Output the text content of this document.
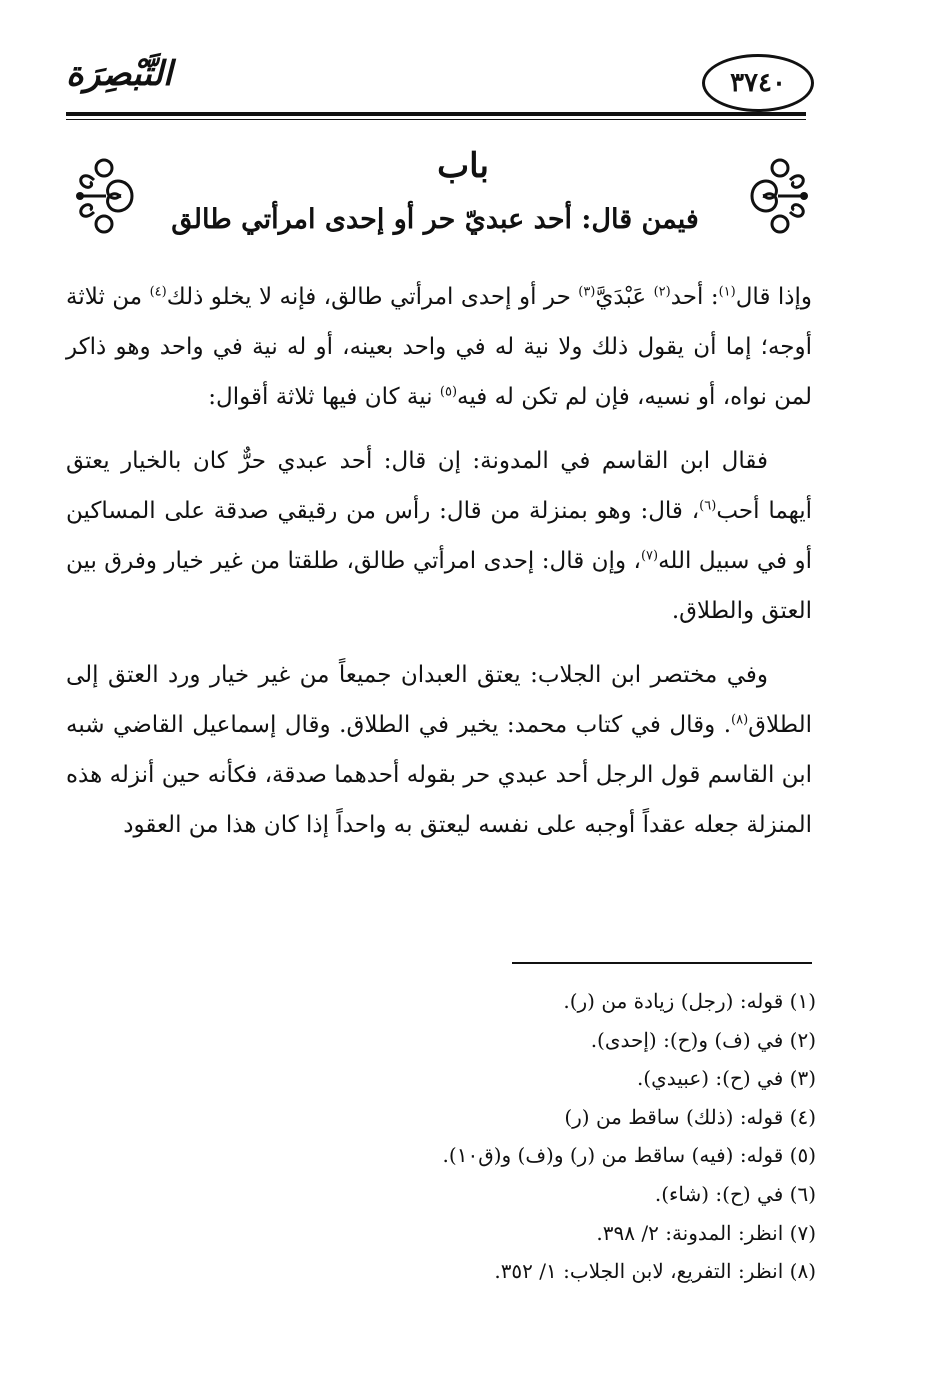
التَّبْصِرَة	٣٧٤٠
باب
فيمن قال: أحد عبديّ حر أو إحدى امرأتي طالق

وإذا قال$^{(١)}$: أحد$^{(٢)}$ عَبْدَيَّ$^{(٣)}$ حر أو إحدى امرأتي طالق، فإنه لا يخلو ذلك$^{(٤)}$ من ثلاثة أوجه؛ إما أن يقول ذلك ولا نية له في واحد بعينه، أو له نية في واحد وهو ذاكر لمن نواه، أو نسيه، فإن لم تكن له فيه$^{(٥)}$ نية كان فيها ثلاثة أقوال:

فقال ابن القاسم في المدونة: إن قال: أحد عبدي حرٌّ كان بالخيار يعتق أيهما أحب$^{(٦)}$، قال: وهو بمنزلة من قال: رأس من رقيقي صدقة على المساكين أو في سبيل الله$^{(٧)}$، وإن قال: إحدى امرأتي طالق، طلقتا من غير خيار وفرق بين العتق والطلاق.

وفي مختصر ابن الجلاب: يعتق العبدان جميعاً من غير خيار ورد العتق إلى الطلاق$^{(٨)}$. وقال في كتاب محمد: يخير في الطلاق. وقال إسماعيل القاضي شبه ابن القاسم قول الرجل أحد عبدي حر بقوله أحدهما صدقة، فكأنه حين أنزله هذه المنزلة جعله عقداً أوجبه على نفسه ليعتق به واحداً إذا كان هذا من العقود

(١) قوله: (رجل) زيادة من (ر).
(٢) في (ف) و(ح): (إحدى).
(٣) في (ح): (عبيدي).
(٤) قوله: (ذلك) ساقط من (ر)
(٥) قوله: (فيه) ساقط من (ر) و(ف) و(ق١٠).
(٦) في (ح): (شاء).
(٧) انظر: المدونة: ٢/ ٣٩٨.
(٨) انظر: التفريع، لابن الجلاب: ١/ ٣٥٢.
